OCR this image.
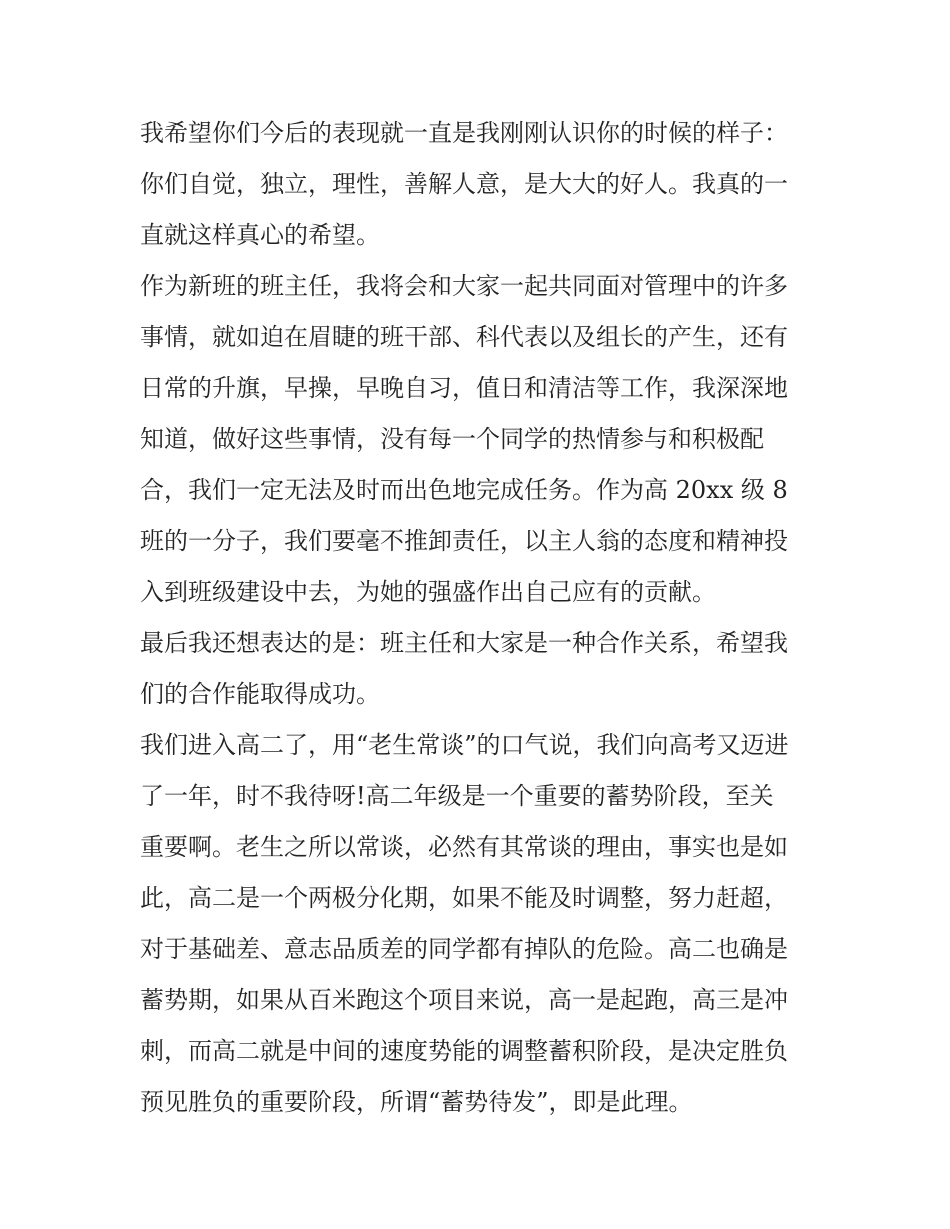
我希望你们今后的表现就一直是我刚刚认识你的时候的样子：
你们自觉，独立，理性，善解人意，是大大的好人。我真的一
直就这样真心的希望。
作为新班的班主任，我将会和大家一起共同面对管理中的许多
事情，就如迫在眉睫的班干部、科代表以及组长的产生，还有
日常的升旗，早操，早晚自习，值日和清洁等工作，我深深地
知道，做好这些事情，没有每一个同学的热情参与和积极配
合，我们一定无法及时而出色地完成任务。作为高 20xx 级 8
班的一分子，我们要毫不推卸责任，以主人翁的态度和精神投
入到班级建设中去，为她的强盛作出自己应有的贡献。
最后我还想表达的是：班主任和大家是一种合作关系，希望我
们的合作能取得成功。
我们进入高二了，用“老生常谈”的口气说，我们向高考又迈进
了一年，时不我待呀!高二年级是一个重要的蓄势阶段，至关
重要啊。老生之所以常谈，必然有其常谈的理由，事实也是如
此，高二是一个两极分化期，如果不能及时调整，努力赶超，
对于基础差、意志品质差的同学都有掉队的危险。高二也确是
蓄势期，如果从百米跑这个项目来说，高一是起跑，高三是冲
刺，而高二就是中间的速度势能的调整蓄积阶段，是决定胜负
预见胜负的重要阶段，所谓“蓄势待发”，即是此理。
